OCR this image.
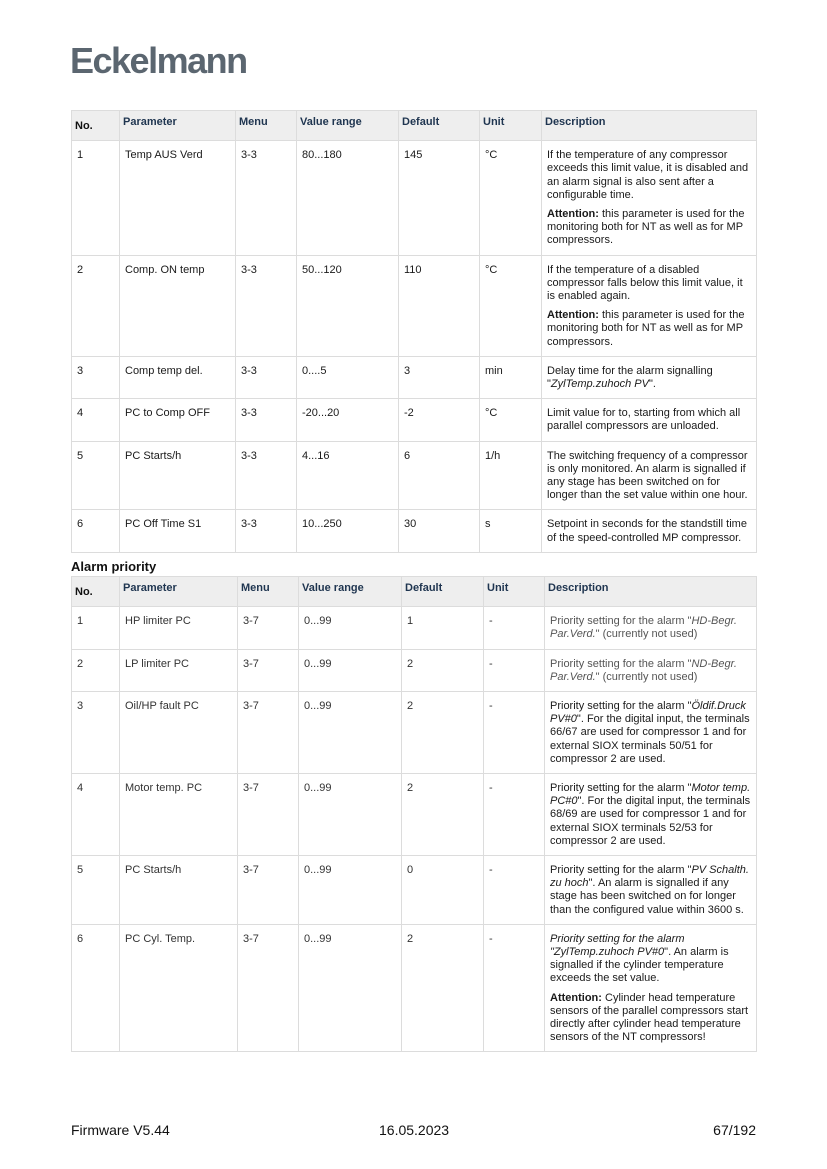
Eckelmann
No.	Parameter	Menu	Value range	Default	Unit	Description
1	Temp AUS Verd	3-3	80...180	145	°C	If the temperature of any compressor exceeds this limit value, it is disabled and an alarm signal is also sent after a configurable time.

Attention: this parameter is used for the monitoring both for NT as well as for MP compressors.

2	Comp. ON temp	3-3	50...120	110	°C	If the temperature of a disabled compressor falls below this limit value, it is enabled again.

Attention: this parameter is used for the monitoring both for NT as well as for MP compressors.

3	Comp temp del.	3-3	0....5	3	min	Delay time for the alarm signalling "ZylTemp.zuhoch PV".
4	PC to Comp OFF	3-3	-20...20	-2	°C	Limit value for to, starting from which all parallel compressors are unloaded.
5	PC Starts/h	3-3	4...16	6	1/h	The switching frequency of a compressor is only monitored. An alarm is signalled if any stage has been switched on for longer than the set value within one hour.
6	PC Off Time S1	3-3	10...250	30	s	Setpoint in seconds for the standstill time of the speed-controlled MP compressor.
Alarm priority
No.	Parameter	Menu	Value range	Default	Unit	Description
1	HP limiter PC	3-7	0...99	1	-	Priority setting for the alarm "HD-Begr. Par.Verd." (currently not used)
2	LP limiter PC	3-7	0...99	2	-	Priority setting for the alarm "ND-Begr. Par.Verd." (currently not used)
3	Oil/HP fault PC	3-7	0...99	2	-	Priority setting for the alarm "Öldif.Druck PV#0". For the digital input, the terminals 66/67 are used for compressor 1 and for external SIOX terminals 50/51 for compressor 2 are used.
4	Motor temp. PC	3-7	0...99	2	-	Priority setting for the alarm "Motor temp. PC#0". For the digital input, the terminals 68/69 are used for compressor 1 and for external SIOX terminals 52/53 for compressor 2 are used.
5	PC Starts/h	3-7	0...99	0	-	Priority setting for the alarm "PV Schalth. zu hoch". An alarm is signalled if any stage has been switched on for longer than the configured value within 3600 s.
6	PC Cyl. Temp.	3-7	0...99	2	-	Priority setting for the alarm "ZylTemp.zuhoch PV#0". An alarm is signalled if the cylinder temperature exceeds the set value.

Attention: Cylinder head temperature sensors of the parallel compressors start directly after cylinder head temperature sensors of the NT compressors!

Firmware V5.44	16.05.2023	67/192
